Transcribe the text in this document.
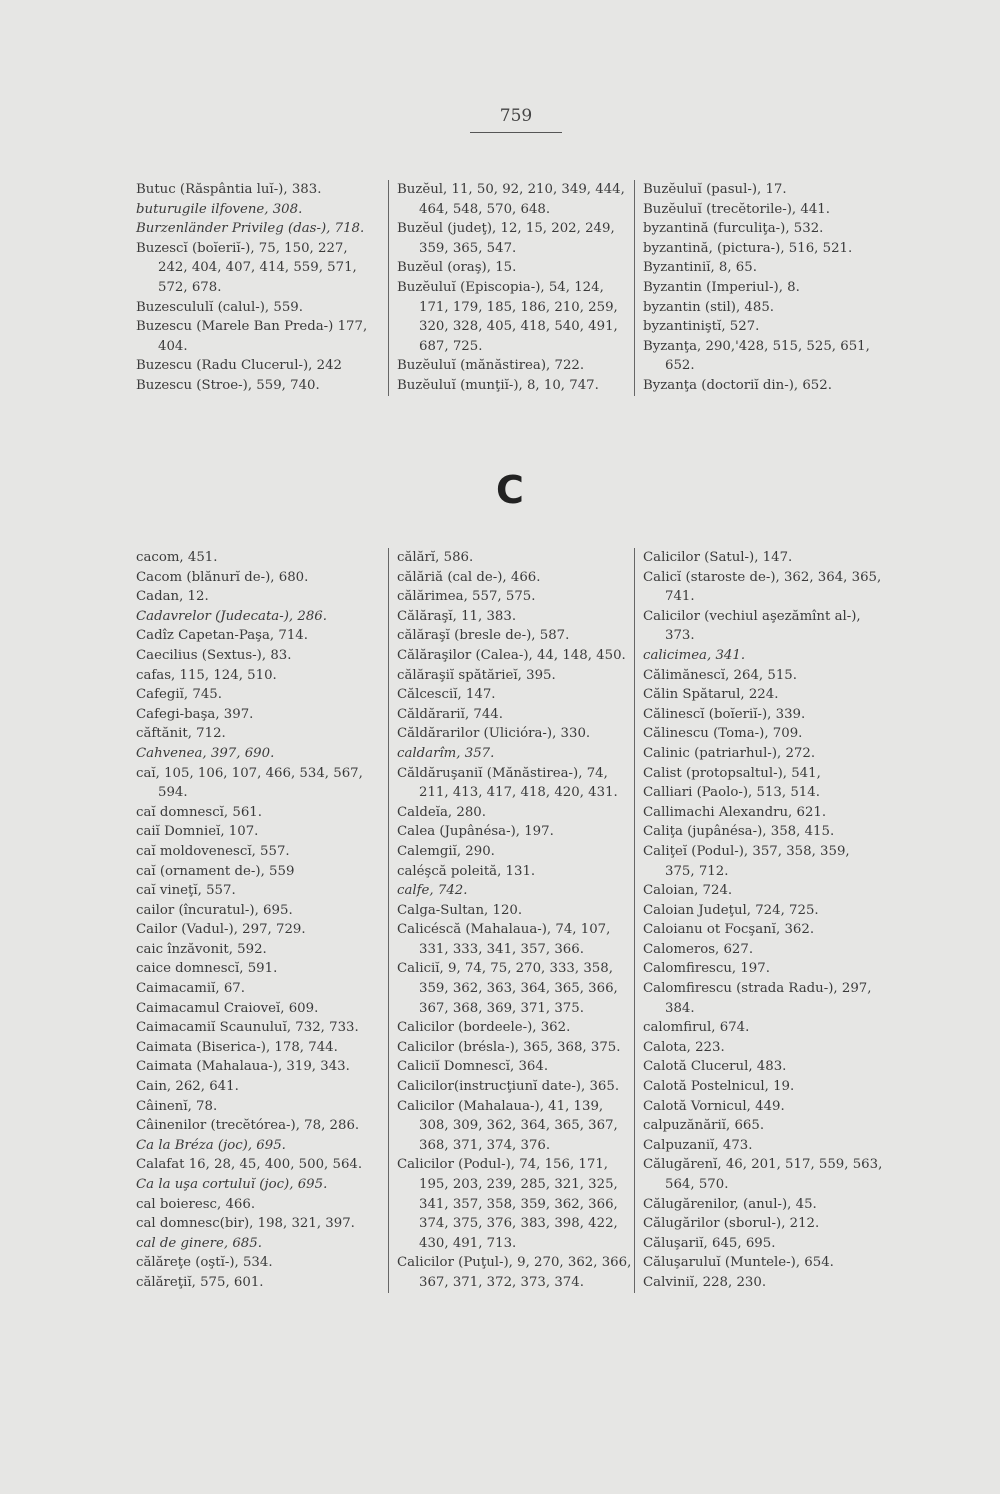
759
Butuc (Răspântia luĭ-), 383.
buturugile ilfovene, 308.
Burzenländer Privileg (das-), 718.
Buzescĭ (boĭeriĭ-), 75, 150, 227, 242, 404, 407, 414, 559, 571, 572, 678.
Buzescululĭ (calul-), 559.
Buzescu (Marele Ban Preda-) 177, 404.
Buzescu (Radu Clucerul-), 242
Buzescu (Stroe-), 559, 740.
Buzĕul, 11, 50, 92, 210, 349, 444, 464, 548, 570, 648.
Buzĕul (judeţ), 12, 15, 202, 249, 359, 365, 547.
Buzĕul (oraş), 15.
Buzĕuluĭ (Episcopia-), 54, 124, 171, 179, 185, 186, 210, 259, 320, 328, 405, 418, 540, 491, 687, 725.
Buzĕuluĭ (mănăstirea), 722.
Buzĕuluĭ (munţiĭ-), 8, 10, 747.
Buzĕuluĭ (pasul-), 17.
Buzĕuluĭ (trecĕtorile-), 441.
byzantină (furculiţa-), 532.
byzantină, (pictura-), 516, 521.
Byzantiniĭ, 8, 65.
Byzantin (Imperiul-), 8.
byzantin (stil), 485.
byzantiniştĭ, 527.
Byzanţa, 290,'428, 515, 525, 651, 652.
Byzanţa (doctoriĭ din-), 652.
C
cacom, 451.
Cacom (blănurĭ de-), 680.
Cadan, 12.
Cadavrelor (Judecata-), 286.
Cadîz Capetan-Paşa, 714.
Caecilius (Sextus-), 83.
cafas, 115, 124, 510.
Cafegiĭ, 745.
Cafegi-başa, 397.
căftănit, 712.
Cahvenea, 397, 690.
caĭ, 105, 106, 107, 466, 534, 567, 594.
caĭ domnescĭ, 561.
caiĭ Domnieĭ, 107.
caĭ moldovenescĭ, 557.
caĭ (ornament de-), 559
caĭ vineţĭ, 557.
cailor (încuratul-), 695.
Cailor (Vadul-), 297, 729.
caic înzăvonit, 592.
caice domnescĭ, 591.
Caimacamiĭ, 67.
Caimacamul Craioveĭ, 609.
Caimacamiĭ Scaunuluĭ, 732, 733.
Caimata (Biserica-), 178, 744.
Caimata (Mahalaua-), 319, 343.
Cain, 262, 641.
Câinenĭ, 78.
Câinenilor (trecĕtórea-), 78, 286.
Ca la Bréza (joc), 695.
Calafat 16, 28, 45, 400, 500, 564.
Ca la uşa cortuluĭ (joc), 695.
cal boieresc, 466.
cal domnesc(bir), 198, 321, 397.
cal de ginere, 685.
călăreţe (oştĭ-), 534.
călăreţiĭ, 575, 601.
călărĭ, 586.
călăriă (cal de-), 466.
călărimea, 557, 575.
Călăraşĭ, 11, 383.
călăraşĭ (bresle de-), 587.
Călăraşilor (Calea-), 44, 148, 450.
călăraşiĭ spătărieĭ, 395.
Călcesciĭ, 147.
Căldărariĭ, 744.
Căldărarilor (Uliciόra-), 330.
caldarîm, 357.
Căldăruşaniĭ (Mănăstirea-), 74, 211, 413, 417, 418, 420, 431.
Caldeĭa, 280.
Calea (Jupânésa-), 197.
Calemgiĭ, 290.
caléşcă poleită, 131.
calfe, 742.
Calga-Sultan, 120.
Calicéscă (Mahalaua-), 74, 107, 331, 333, 341, 357, 366.
Caliciĭ, 9, 74, 75, 270, 333, 358, 359, 362, 363, 364, 365, 366, 367, 368, 369, 371, 375.
Calicilor (bordeele-), 362.
Calicilor (brésla-), 365, 368, 375.
Caliciĭ Domnescĭ, 364.
Calicilor(instrucţiunĭ date-), 365.
Calicilor (Mahalaua-), 41, 139, 308, 309, 362, 364, 365, 367, 368, 371, 374, 376.
Calicilor (Podul-), 74, 156, 171, 195, 203, 239, 285, 321, 325, 341, 357, 358, 359, 362, 366, 374, 375, 376, 383, 398, 422, 430, 491, 713.
Calicilor (Puţul-), 9, 270, 362, 366, 367, 371, 372, 373, 374.
Calicilor (Satul-), 147.
Calicĭ (staroste de-), 362, 364, 365, 741.
Calicilor (vechiul aşezămînt al-), 373.
calicimea, 341.
Călimănescĭ, 264, 515.
Călin Spătarul, 224.
Călinescĭ (boĭeriĭ-), 339.
Călinescu (Toma-), 709.
Calinic (patriarhul-), 272.
Calist (protopsaltul-), 541,
Calliari (Paolo-), 513, 514.
Callimachi Alexandru, 621.
Caliţa (jupânésa-), 358, 415.
Caliţeĭ (Podul-), 357, 358, 359, 375, 712.
Caloian, 724.
Caloian Judeţul, 724, 725.
Caloianu ot Focşanĭ, 362.
Calomeros, 627.
Calomfirescu, 197.
Calomfirescu (strada Radu-), 297, 384.
calomfirul, 674.
Calota, 223.
Calotă Clucerul, 483.
Calotă Postelnicul, 19.
Calotă Vornicul, 449.
calpuzănăriĭ, 665.
Calpuzaniĭ, 473.
Călugărenĭ, 46, 201, 517, 559, 563, 564, 570.
Călugărenilor, (anul-), 45.
Călugărilor (sborul-), 212.
Căluşariĭ, 645, 695.
Căluşaruluĭ (Muntele-), 654.
Calviniĭ, 228, 230.
